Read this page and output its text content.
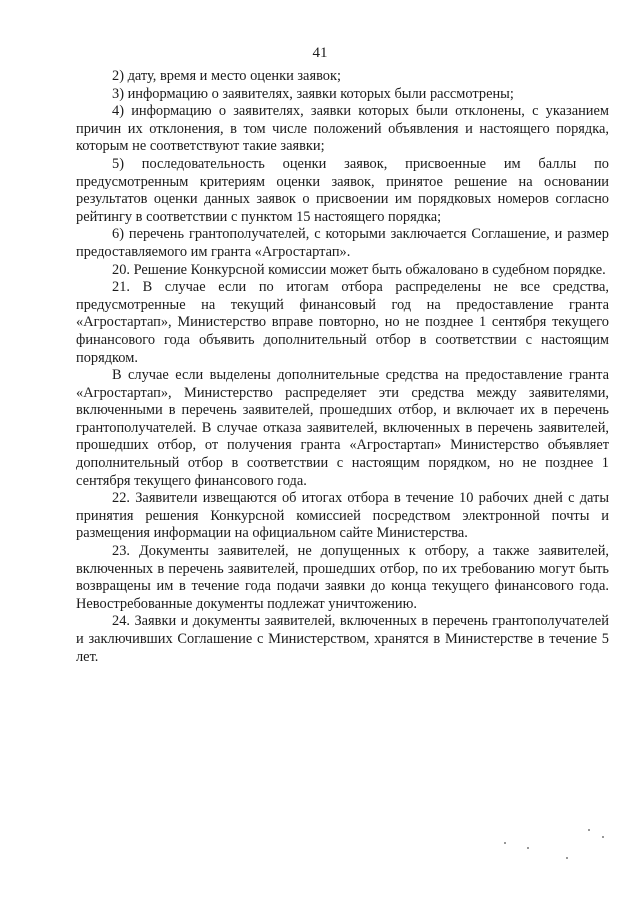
41

2) дату, время и место оценки заявок;

3) информацию о заявителях, заявки которых были рассмотрены;

4) информацию о заявителях, заявки которых были отклонены, с указанием причин их отклонения, в том числе положений объявления и настоящего порядка, которым не соответствуют такие заявки;

5) последовательность оценки заявок, присвоенные им баллы по предусмотренным критериям оценки заявок, принятое решение на основании результатов оценки данных заявок о присвоении им порядковых номеров согласно рейтингу в соответствии с пунктом 15 настоящего порядка;

6) перечень грантополучателей, с которыми заключается Соглашение, и размер предоставляемого им гранта «Агростартап».

20. Решение Конкурсной комиссии может быть обжаловано в судебном порядке.

21. В случае если по итогам отбора распределены не все средства, предусмотренные на текущий финансовый год на предоставление гранта «Агростартап», Министерство вправе повторно, но не позднее 1 сентября текущего финансового года объявить дополнительный отбор в соответствии с настоящим порядком.

В случае если выделены дополнительные средства на предоставление гранта «Агростартап», Министерство распределяет эти средства между заявителями, включенными в перечень заявителей, прошедших отбор, и включает их в перечень грантополучателей. В случае отказа заявителей, включенных в перечень заявителей, прошедших отбор, от получения гранта «Агростартап» Министерство объявляет дополнительный отбор в соответствии с настоящим порядком, но не позднее 1 сентября текущего финансового года.

22. Заявители извещаются об итогах отбора в течение 10 рабочих дней с даты принятия решения Конкурсной комиссией посредством электронной почты и размещения информации на официальном сайте Министерства.

23. Документы заявителей, не допущенных к отбору, а также заявителей, включенных в перечень заявителей, прошедших отбор, по их требованию могут быть возвращены им в течение года подачи заявки до конца текущего финансового года. Невостребованные документы подлежат уничтожению.

24. Заявки и документы заявителей, включенных в перечень грантополучателей и заключивших Соглашение с Министерством, хранятся в Министерстве в течение 5 лет.
